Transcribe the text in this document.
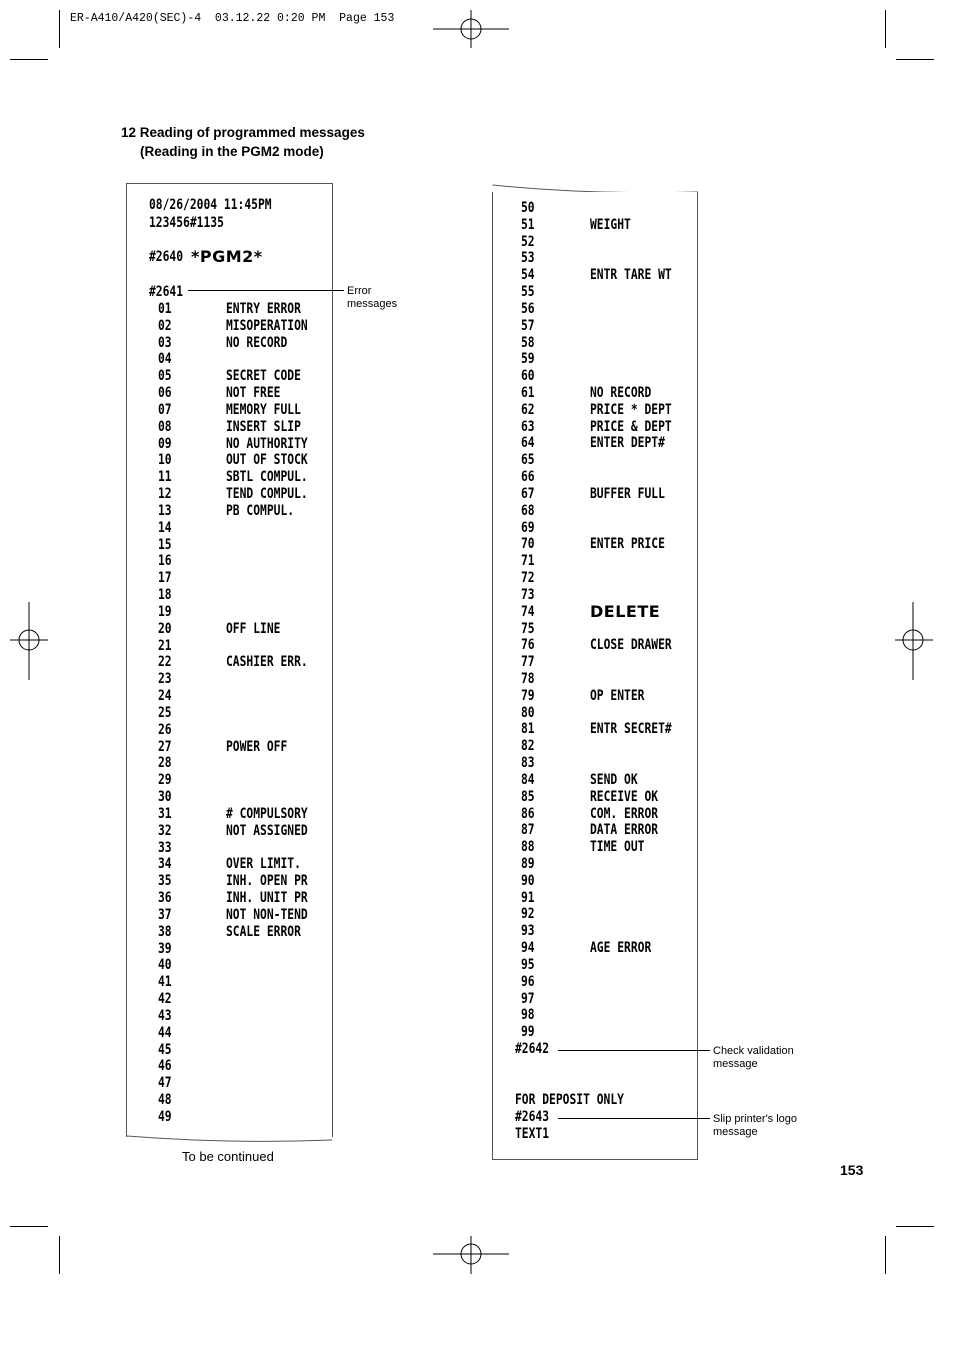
ER-A410/A420(SEC)-4  03.12.22 0:20 PM  Page 153
12 Reading of programmed messages
(Reading in the PGM2 mode)
08/26/2004 11:45PM
123456#1135
#2640 *PGM2*
#2641
01	ENTRY ERROR
02	MISOPERATION
03	NO RECORD
04
05	SECRET CODE
06	NOT FREE
07	MEMORY FULL
08	INSERT SLIP
09	NO AUTHORITY
10	OUT OF STOCK
11	SBTL COMPUL.
12	TEND COMPUL.
13	PB COMPUL.
14
15
16
17
18
19
20	OFF LINE
21
22	CASHIER ERR.
23
24
25
26
27	POWER OFF
28
29
30
31	# COMPULSORY
32	NOT ASSIGNED
33
34	OVER LIMIT.
35	INH. OPEN PR
36	INH. UNIT PR
37	NOT NON-TEND
38	SCALE ERROR
39
40
41
42
43
44
45
46
47
48
49
50
51	WEIGHT
52
53
54	ENTR TARE WT
55
56
57
58
59
60
61	NO RECORD
62	PRICE * DEPT
63	PRICE & DEPT
64	ENTER DEPT#
65
66
67	BUFFER FULL
68
69
70	ENTER PRICE
71
72
73
74	DELETE
75
76	CLOSE DRAWER
77
78
79	OP ENTER
80
81	ENTR SECRET#
82
83
84	SEND OK
85	RECEIVE OK
86	COM. ERROR
87	DATA ERROR
88	TIME OUT
89
90
91
92
93
94	AGE ERROR
95
96
97
98
99
#2642
FOR DEPOSIT ONLY
#2643
TEXT1
Error
messages
Check validation
message
Slip printer's logo
message
To be continued
153
